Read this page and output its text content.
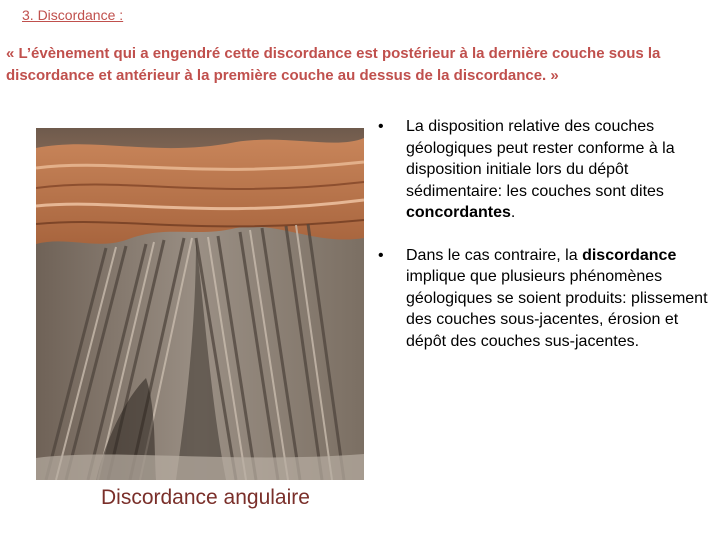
3. Discordance :
« L’évènement qui a engendré cette discordance est postérieur à la dernière couche sous la discordance et antérieur à la première couche au dessus de la discordance. »
Discordance angulaire
• La disposition relative des couches géologiques peut rester conforme à la disposition initiale lors du dépôt sédimentaire: les couches sont dites concordantes.
• Dans le cas contraire, la discordance implique que plusieurs phénomènes géologiques se soient produits: plissement des couches sous-jacentes, érosion et dépôt des couches sus-jacentes.
